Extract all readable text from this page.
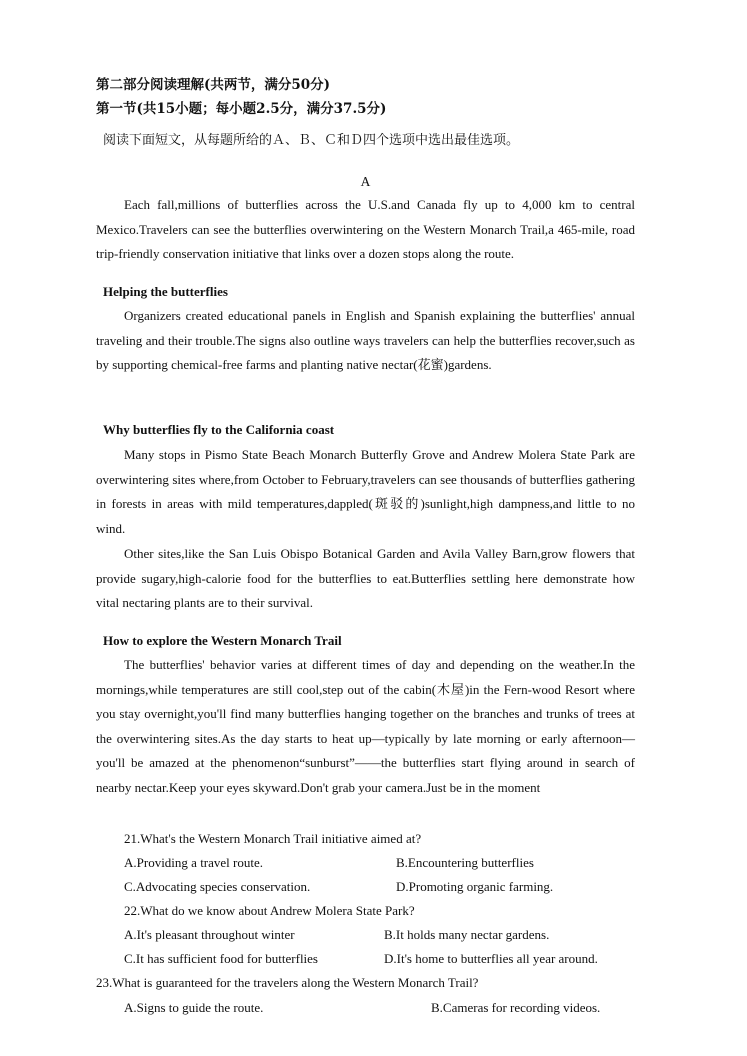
第二部分阅读理解(共两节，满分50分)

第一节(共15小题；每小题2.5分，满分37.5分)

阅读下面短文，从每题所给的Ａ、Ｂ、Ｃ和Ｄ四个选项中选出最佳选项。

A

Each fall,millions of butterflies across the U.S.and Canada fly up to 4,000 km to central Mexico.Travelers can see the butterflies overwintering on the Western Monarch Trail,a 465-mile, road trip-friendly conservation initiative that links over a dozen stops along the route.

Helping the butterflies

Organizers created educational panels in English and Spanish explaining the butterflies' annual traveling and their trouble.The signs also outline ways travelers can help the butterflies recover,such as by supporting chemical-free farms and planting native nectar(花蜜)gardens.

Why butterflies fly to the California coast

Many stops in Pismo State Beach Monarch Butterfly Grove and Andrew Molera State Park are overwintering sites where,from October to February,travelers can see thousands of butterflies gathering in forests in areas with mild temperatures,dappled(斑驳的)sunlight,high dampness,and little to no wind.

Other sites,like the San Luis Obispo Botanical Garden and Avila Valley Barn,grow flowers that provide sugary,high-calorie food for the butterflies to eat.Butterflies settling here demonstrate how vital nectaring plants are to their survival.

How to explore the Western Monarch Trail

The butterflies' behavior varies at different times of day and depending on the weather.In the mornings,while temperatures are still cool,step out of the cabin(木屋)in the Fern-wood Resort where you stay overnight,you'll find many butterflies hanging together on the branches and trunks of trees at the overwintering sites.As the day starts to heat up—typically by late morning or early afternoon—you'll be amazed at the phenomenon“sunburst”——the butterflies start flying around in search of nearby nectar.Keep your eyes skyward.Don't grab your camera.Just be in the moment

21.What's the Western Monarch Trail initiative aimed at?

A.Providing a travel route.	B.Encountering butterflies

C.Advocating species conservation.	D.Promoting organic farming.

22.What do we know about Andrew Molera State Park?

A.It's pleasant throughout winter	B.It holds many nectar gardens.

C.It has sufficient food for butterflies	D.It's home to butterflies all year around.

23.What is guaranteed for the travelers along the Western Monarch Trail?

A.Signs to guide the route.	B.Cameras for recording videos.
